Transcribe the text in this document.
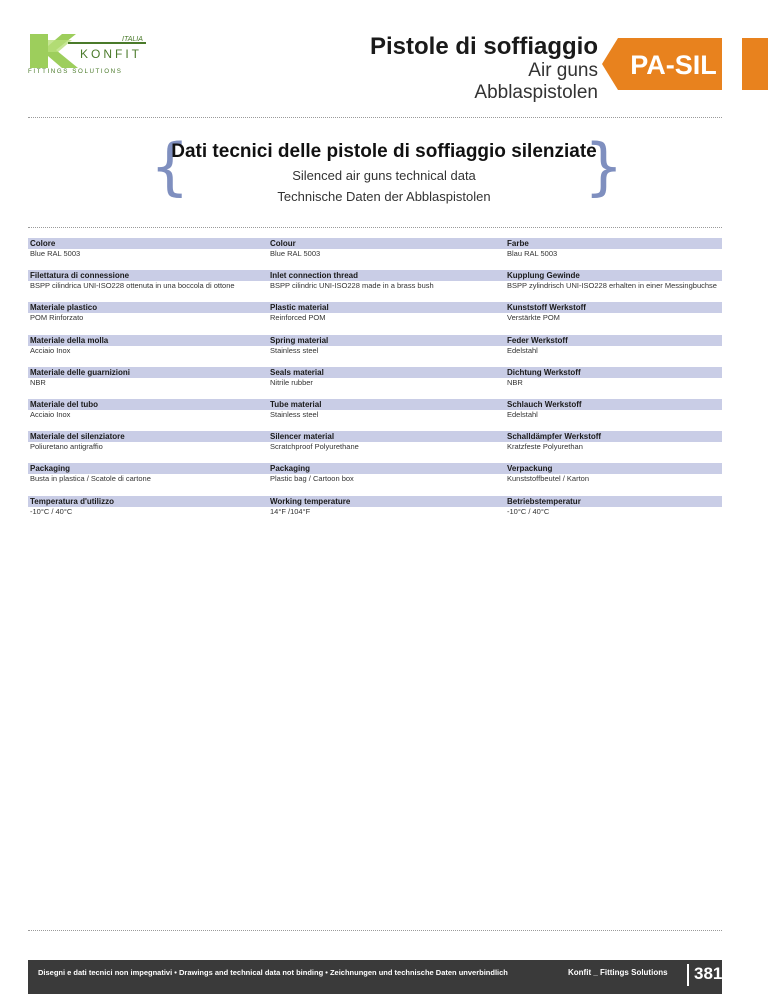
ITALIA
KONFIT
FITTINGS SOLUTIONS
Pistole di soffiaggio
Air guns
Abblaspistolen
PA-SIL
{	}
Dati tecnici delle pistole di soffiaggio silenziate
Silenced air guns technical data
Technische Daten der Abblaspistolen
Colore
Blue RAL 5003
Colour
Blue RAL 5003
Farbe
Blau RAL 5003
Filettatura di connessione
BSPP cilindrica UNI-ISO228 ottenuta in una boccola di ottone
Inlet connection thread
BSPP cilindric UNI-ISO228 made in a brass bush
Kupplung Gewinde
BSPP zylindrisch UNI-ISO228 erhalten in einer Messingbuchse
Materiale plastico
POM Rinforzato
Plastic material
Reinforced POM
Kunststoff Werkstoff
Verstärkte POM
Materiale della molla
Acciaio Inox
Spring material
Stainless steel
Feder Werkstoff
Edelstahl
Materiale delle guarnizioni
NBR
Seals material
Nitrile rubber
Dichtung Werkstoff
NBR
Materiale del tubo
Acciaio Inox
Tube material
Stainless steel
Schlauch Werkstoff
Edelstahl
Materiale del silenziatore
Poliuretano antigraffio
Silencer material
Scratchproof Polyurethane
Schalldämpfer Werkstoff
Kratzfeste Polyurethan
Packaging
Busta in plastica / Scatole di cartone
Packaging
Plastic bag / Cartoon box
Verpackung
Kunststoffbeutel / Karton
Temperatura d'utilizzo
-10°C / 40°C
Working temperature
14°F /104°F
Betriebstemperatur
-10°C / 40°C
Disegni e dati tecnici non impegnativi • Drawings and technical data not binding • Zeichnungen und technische Daten unverbindlich	Konfit _ Fittings Solutions 381
